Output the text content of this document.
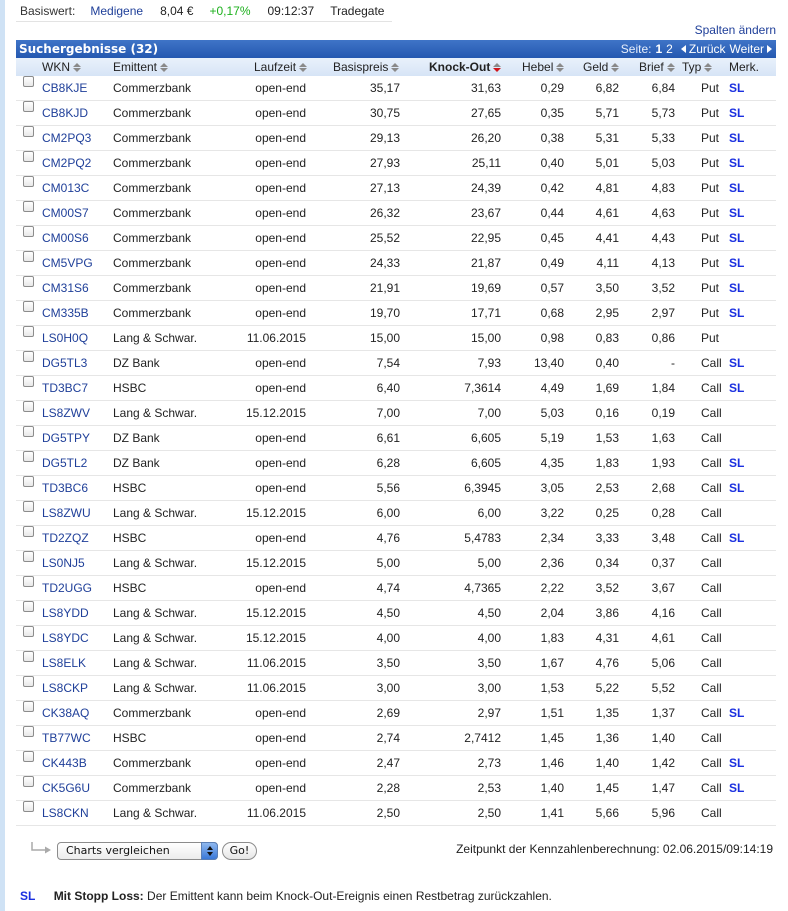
Basiswert: Medigene 8,04 € +0,17% 09:12:37 Tradegate
Spalten ändern
Suchergebnisse (32)	Seite: 1 2 Zurück Weiter
WKN	Emittent	Laufzeit	Basispreis	Knock-Out	Hebel Geld	Brief Typ Merk.
CB8KJE Commerzbank	open-end	35,17	31,63	0,29	6,82	6,84 Put SL
CB8KJD Commerzbank	open-end	30,75	27,65	0,35	5,71	5,73 Put SL
CM2PQ3 Commerzbank	open-end	29,13	26,20	0,38	5,31	5,33 Put SL
CM2PQ2 Commerzbank	open-end	27,93	25,11	0,40	5,01	5,03 Put SL
CM013C Commerzbank	open-end	27,13	24,39	0,42	4,81	4,83 Put SL
CM00S7 Commerzbank	open-end	26,32	23,67	0,44	4,61	4,63 Put SL
CM00S6 Commerzbank	open-end	25,52	22,95	0,45	4,41	4,43 Put SL
CM5VPG Commerzbank	open-end	24,33	21,87	0,49	4,11	4,13 Put SL
CM31S6 Commerzbank	open-end	21,91	19,69	0,57	3,50	3,52 Put SL
CM335B Commerzbank	open-end	19,70	17,71	0,68	2,95	2,97 Put SL
LS0H0Q Lang & Schwar.	11.06.2015	15,00	15,00	0,98	0,83	0,86 Put
DG5TL3 DZ Bank	open-end	7,54	7,93	13,40	0,40	- Call SL
TD3BC7 HSBC	open-end	6,40	7,3614	4,49	1,69	1,84 Call SL
LS8ZWV Lang & Schwar.	15.12.2015	7,00	7,00	5,03	0,16	0,19 Call
DG5TPY DZ Bank	open-end	6,61	6,605	5,19	1,53	1,63 Call
DG5TL2 DZ Bank	open-end	6,28	6,605	4,35	1,83	1,93 Call SL
TD3BC6 HSBC	open-end	5,56	6,3945	3,05	2,53	2,68 Call SL
LS8ZWU Lang & Schwar.	15.12.2015	6,00	6,00	3,22	0,25	0,28 Call
TD2ZQZ HSBC	open-end	4,76	5,4783	2,34	3,33	3,48 Call SL
LS0NJ5 Lang & Schwar.	15.12.2015	5,00	5,00	2,36	0,34	0,37 Call
TD2UGG HSBC	open-end	4,74	4,7365	2,22	3,52	3,67 Call
LS8YDD Lang & Schwar.	15.12.2015	4,50	4,50	2,04	3,86	4,16 Call
LS8YDC Lang & Schwar.	15.12.2015	4,00	4,00	1,83	4,31	4,61 Call
LS8ELK Lang & Schwar.	11.06.2015	3,50	3,50	1,67	4,76	5,06 Call
LS8CKP Lang & Schwar.	11.06.2015	3,00	3,00	1,53	5,22	5,52 Call
CK38AQ Commerzbank	open-end	2,69	2,97	1,51	1,35	1,37 Call SL
TB77WC HSBC	open-end	2,74	2,7412	1,45	1,36	1,40 Call
CK443B Commerzbank	open-end	2,47	2,73	1,46	1,40	1,42 Call SL
CK5G6U Commerzbank	open-end	2,28	2,53	1,40	1,45	1,47 Call SL
LS8CKN Lang & Schwar.	11.06.2015	2,50	2,50	1,41	5,66	5,96 Call
Charts vergleichen	Go!	Zeitpunkt der Kennzahlenberechnung: 02.06.2015/09:14:19
SL Mit Stopp Loss: Der Emittent kann beim Knock-Out-Ereignis einen Restbetrag zurückzahlen.
